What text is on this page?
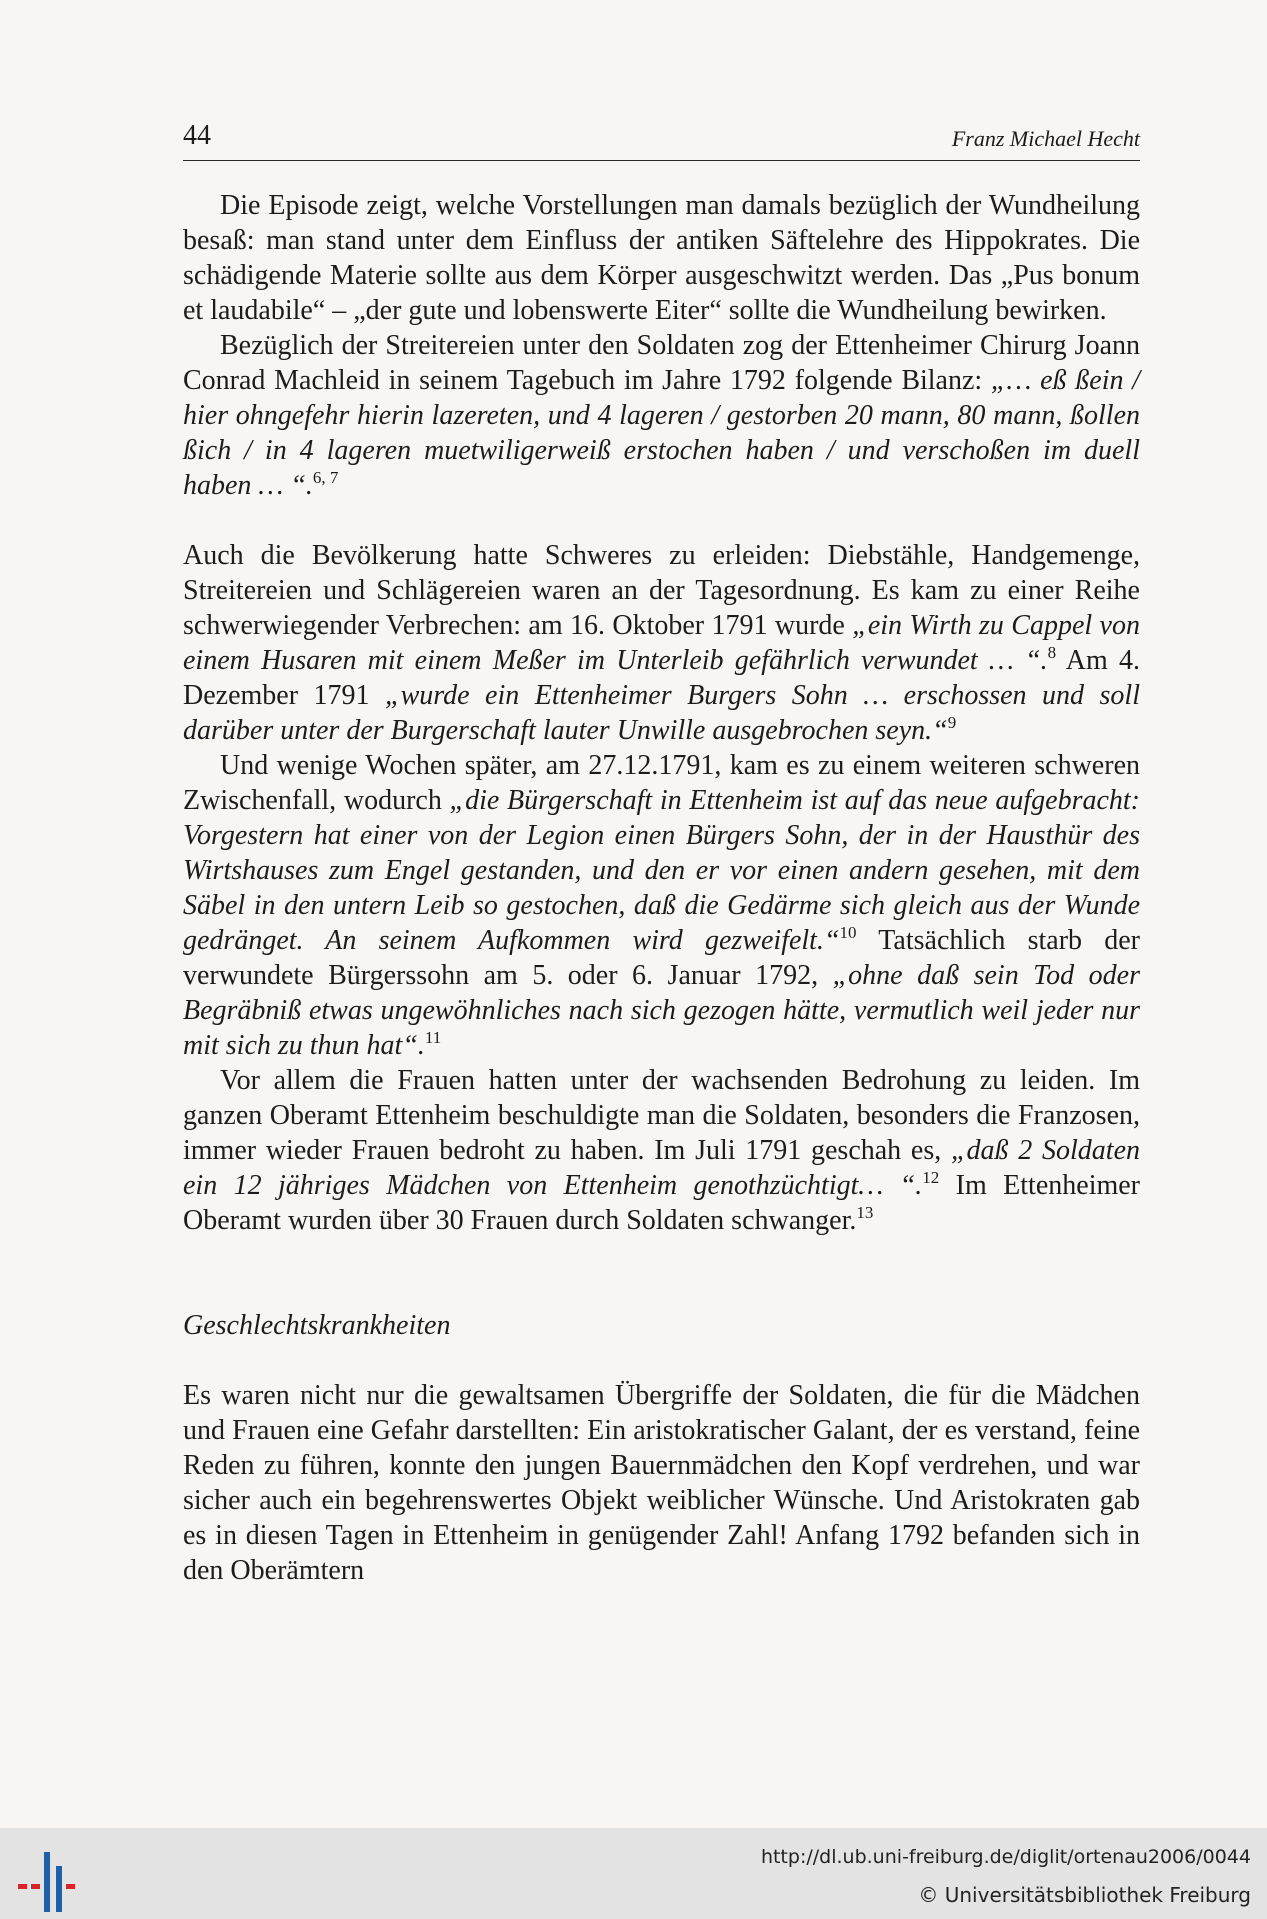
44	Franz Michael Hecht

Die Episode zeigt, welche Vorstellungen man damals bezüglich der Wundheilung besaß: man stand unter dem Einfluss der antiken Säftelehre des Hippokrates. Die schädigende Materie sollte aus dem Körper ausgeschwitzt werden. Das „Pus bonum et laudabile“ – „der gute und lobenswerte Eiter“ sollte die Wundheilung bewirken.

Bezüglich der Streitereien unter den Soldaten zog der Ettenheimer Chirurg Joann Conrad Machleid in seinem Tagebuch im Jahre 1792 folgende Bilanz: „… eß ßein / hier ohngefehr hierin lazereten, und 4 lageren / gestorben 20 mann, 80 mann, ßollen ßich / in 4 lageren muetwiligerweiß erstochen haben / und verschoßen im duell haben … “.$^{6, 7}$

Auch die Bevölkerung hatte Schweres zu erleiden: Diebstähle, Handgemenge, Streitereien und Schlägereien waren an der Tagesordnung. Es kam zu einer Reihe schwerwiegender Verbrechen: am 16. Oktober 1791 wurde „ein Wirth zu Cappel von einem Husaren mit einem Meßer im Unterleib gefährlich verwundet … “.$^8$ Am 4. Dezember 1791 „wurde ein Ettenheimer Burgers Sohn … erschossen und soll darüber unter der Burgerschaft lauter Unwille ausgebrochen seyn.“$^9$

Und wenige Wochen später, am 27.12.1791, kam es zu einem weiteren schweren Zwischenfall, wodurch „die Bürgerschaft in Ettenheim ist auf das neue aufgebracht: Vorgestern hat einer von der Legion einen Bürgers Sohn, der in der Hausthür des Wirtshauses zum Engel gestanden, und den er vor einen andern gesehen, mit dem Säbel in den untern Leib so gestochen, daß die Gedärme sich gleich aus der Wunde gedränget. An seinem Aufkommen wird gezweifelt.“$^{10}$ Tatsächlich starb der verwundete Bürgerssohn am 5. oder 6. Januar 1792, „ohne daß sein Tod oder Begräbniß etwas ungewöhnliches nach sich gezogen hätte, vermutlich weil jeder nur mit sich zu thun hat“.$^{11}$

Vor allem die Frauen hatten unter der wachsenden Bedrohung zu leiden. Im ganzen Oberamt Ettenheim beschuldigte man die Soldaten, besonders die Franzosen, immer wieder Frauen bedroht zu haben. Im Juli 1791 geschah es, „daß 2 Soldaten ein 12 jähriges Mädchen von Ettenheim genothzüchtigt… “.$^{12}$ Im Ettenheimer Oberamt wurden über 30 Frauen durch Soldaten schwanger.$^{13}$

Geschlechtskrankheiten

Es waren nicht nur die gewaltsamen Übergriffe der Soldaten, die für die Mädchen und Frauen eine Gefahr darstellten: Ein aristokratischer Galant, der es verstand, feine Reden zu führen, konnte den jungen Bauernmädchen den Kopf verdrehen, und war sicher auch ein begehrenswertes Objekt weiblicher Wünsche. Und Aristokraten gab es in diesen Tagen in Ettenheim in genügender Zahl! Anfang 1792 befanden sich in den Oberämtern

http://dl.ub.uni-freiburg.de/diglit/ortenau2006/0044
© Universitätsbibliothek Freiburg
